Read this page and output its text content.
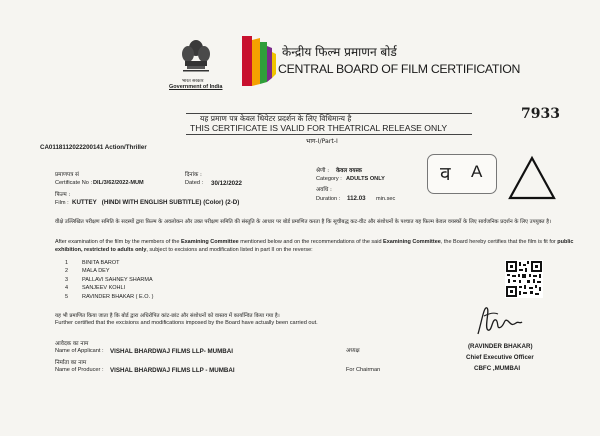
भारत सरकार
Government of India
केन्द्रीय फिल्म प्रमाणन बोर्ड
CENTRAL BOARD OF FILM CERTIFICATION
यह प्रमाण पत्र केवल थियेटर प्रदर्शन के लिए विधिमान्य है
THIS CERTIFICATE IS VALID FOR THEATRICAL RELEASE ONLY
भाग-I/Part-I
7933
CA0118112022200141 Action/Thriller
प्रमाणपत्र सं
Certificate No : DIL/3/62/2022-MUM
दिनांक :
Dated : 30/12/2022
श्रेणी : केवल वयस्क
Category : ADULTS ONLY
अवधि :
Duration : 112.03 min.sec
फिल्म :
Film : KUTTEY   (HINDI WITH ENGLISH SUBTITLE) (Color) (2-D)
व A
वीक्षे उल्लिखित परीक्षण समिति के सदस्यों द्वारा फ़िल्म के अवलोकन और उक्त परीक्षण समिति की संस्तुति के आधार पर बोर्ड प्रमाणित करता है कि सूचीबद्ध कट-वीट और संशोधनों के पश्चात यह फ़िल्म केवल वयस्कों के लिए सार्वजनिक प्रदर्शन के लिए उपयुक्त है।
After examination of the film by the members of the Examining Committee mentioned below and on the recommendations of the said Examining Committee, the Board hereby certifies that the film is fit for public exhibition, restricted to adults only, subject to excisions and modification listed in part II on the reverse:
1	BINITA BAROT
2	MALA DEY
3	PALLAVI SAHNEY SHARMA
4	SANJEEV KOHLI
5	RAVINDER BHAKAR ( E.O. )
यह भी प्रमाणित किया जाता है कि बोर्ड द्वारा अधिरोपित कांट-छांट और संशोधनों को वास्तव में कार्यान्वित किया गया है।
Further certified that the excisions and modifications imposed by the Board have actually been carried out.
आवेदक का नाम
Name of Applicant : VISHAL BHARDWAJ FILMS LLP- MUMBAI
निर्माता का नाम
Name of Producer : VISHAL BHARDWAJ FILMS LLP - MUMBAI
अध्यक्ष
For Chairman
(RAVINDER BHAKAR)
Chief Executive Officer
CBFC ,MUMBAI
